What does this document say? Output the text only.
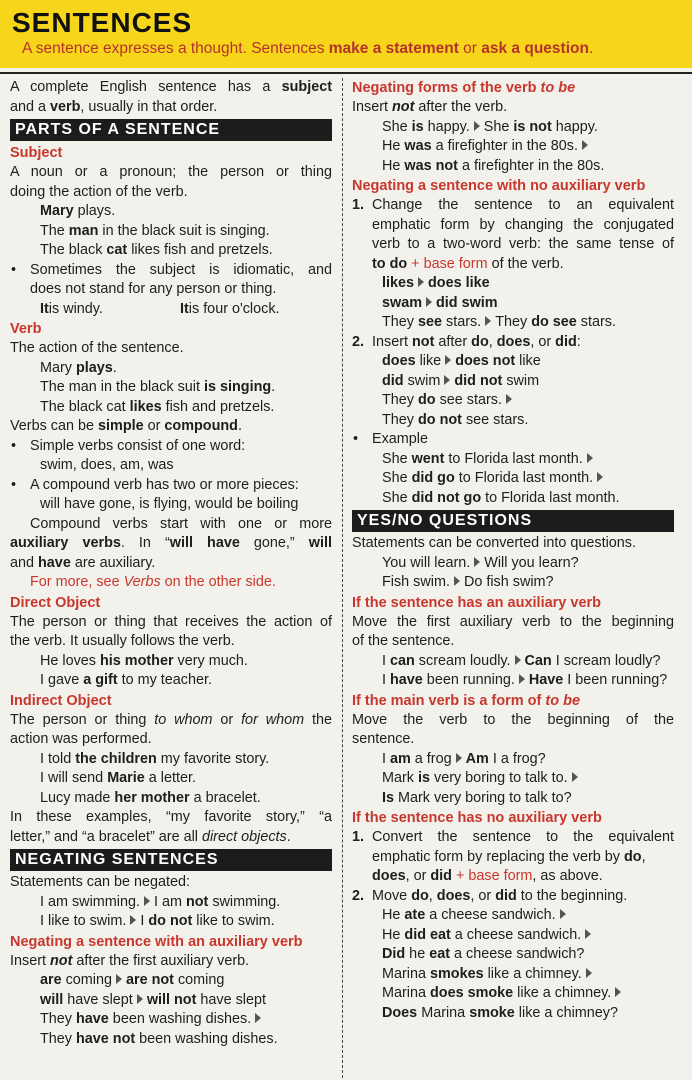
SENTENCES
A sentence expresses a thought. Sentences make a statement or ask a question.
A complete English sentence has a subject
and a verb, usually in that order.
PARTS OF A SENTENCE
Subject
A noun or a pronoun; the person or thing
doing the action of the verb.
Mary plays.
The man in the black suit is singing.
The black cat likes fish and pretzels.
• Sometimes the subject is idiomatic, and
does not stand for any person or thing.
Itis windy.	Itis four o'clock.
Verb
The action of the sentence.
Mary plays.
The man in the black suit is singing.
The black cat likes fish and pretzels.
Verbs can be simple or compound.
• Simple verbs consist of one word:
swim, does, am, was
• A compound verb has two or more pieces:
will have gone, is flying, would be boiling
Compound verbs start with one or more
auxiliary verbs. In “will have gone,” will
and have are auxiliary.
For more, see Verbs on the other side.
Direct Object
The person or thing that receives the action of
the verb. It usually follows the verb.
He loves his mother very much.
I gave a gift to my teacher.
Indirect Object
The person or thing to whom or for whom the
action was performed.
I told the children my favorite story.
I will send Marie a letter.
Lucy made her mother a bracelet.
In these examples, “my favorite story,” “a
letter,” and “a bracelet” are all direct objects.
NEGATING SENTENCES
Statements can be negated:
I am swimming. I am not swimming.
I like to swim. I do not like to swim.
Negating a sentence with an auxiliary verb
Insert not after the first auxiliary verb.
are coming are not coming
will have slept will not have slept
They have been washing dishes.
They have not been washing dishes.
Negating forms of the verb to be
Insert not after the verb.
She is happy. She is not happy.
He was a firefighter in the 80s.
He was not a firefighter in the 80s.
Negating a sentence with no auxiliary verb
1. Change the sentence to an equivalent
emphatic form by changing the conjugated
verb to a two-word verb: the same tense of
to do + base form of the verb.
likes does like
swam did swim
They see stars. They do see stars.
2. Insert not after do, does, or did:
does like does not like
did swim did not swim
They do see stars.
They do not see stars.
• Example
She went to Florida last month.
She did go to Florida last month.
She did not go to Florida last month.
YES/NO QUESTIONS
Statements can be converted into questions.
You will learn. Will you learn?
Fish swim. Do fish swim?
If the sentence has an auxiliary verb
Move the first auxiliary verb to the beginning
of the sentence.
I can scream loudly. Can I scream loudly?
I have been running. Have I been running?
If the main verb is a form of to be
Move the verb to the beginning of the
sentence.
I am a frog Am I a frog?
Mark is very boring to talk to.
Is Mark very boring to talk to?
If the sentence has no auxiliary verb
1. Convert the sentence to the equivalent
emphatic form by replacing the verb by do,
does, or did + base form, as above.
2. Move do, does, or did to the beginning.
He ate a cheese sandwich.
He did eat a cheese sandwich.
Did he eat a cheese sandwich?
Marina smokes like a chimney.
Marina does smoke like a chimney.
Does Marina smoke like a chimney?
